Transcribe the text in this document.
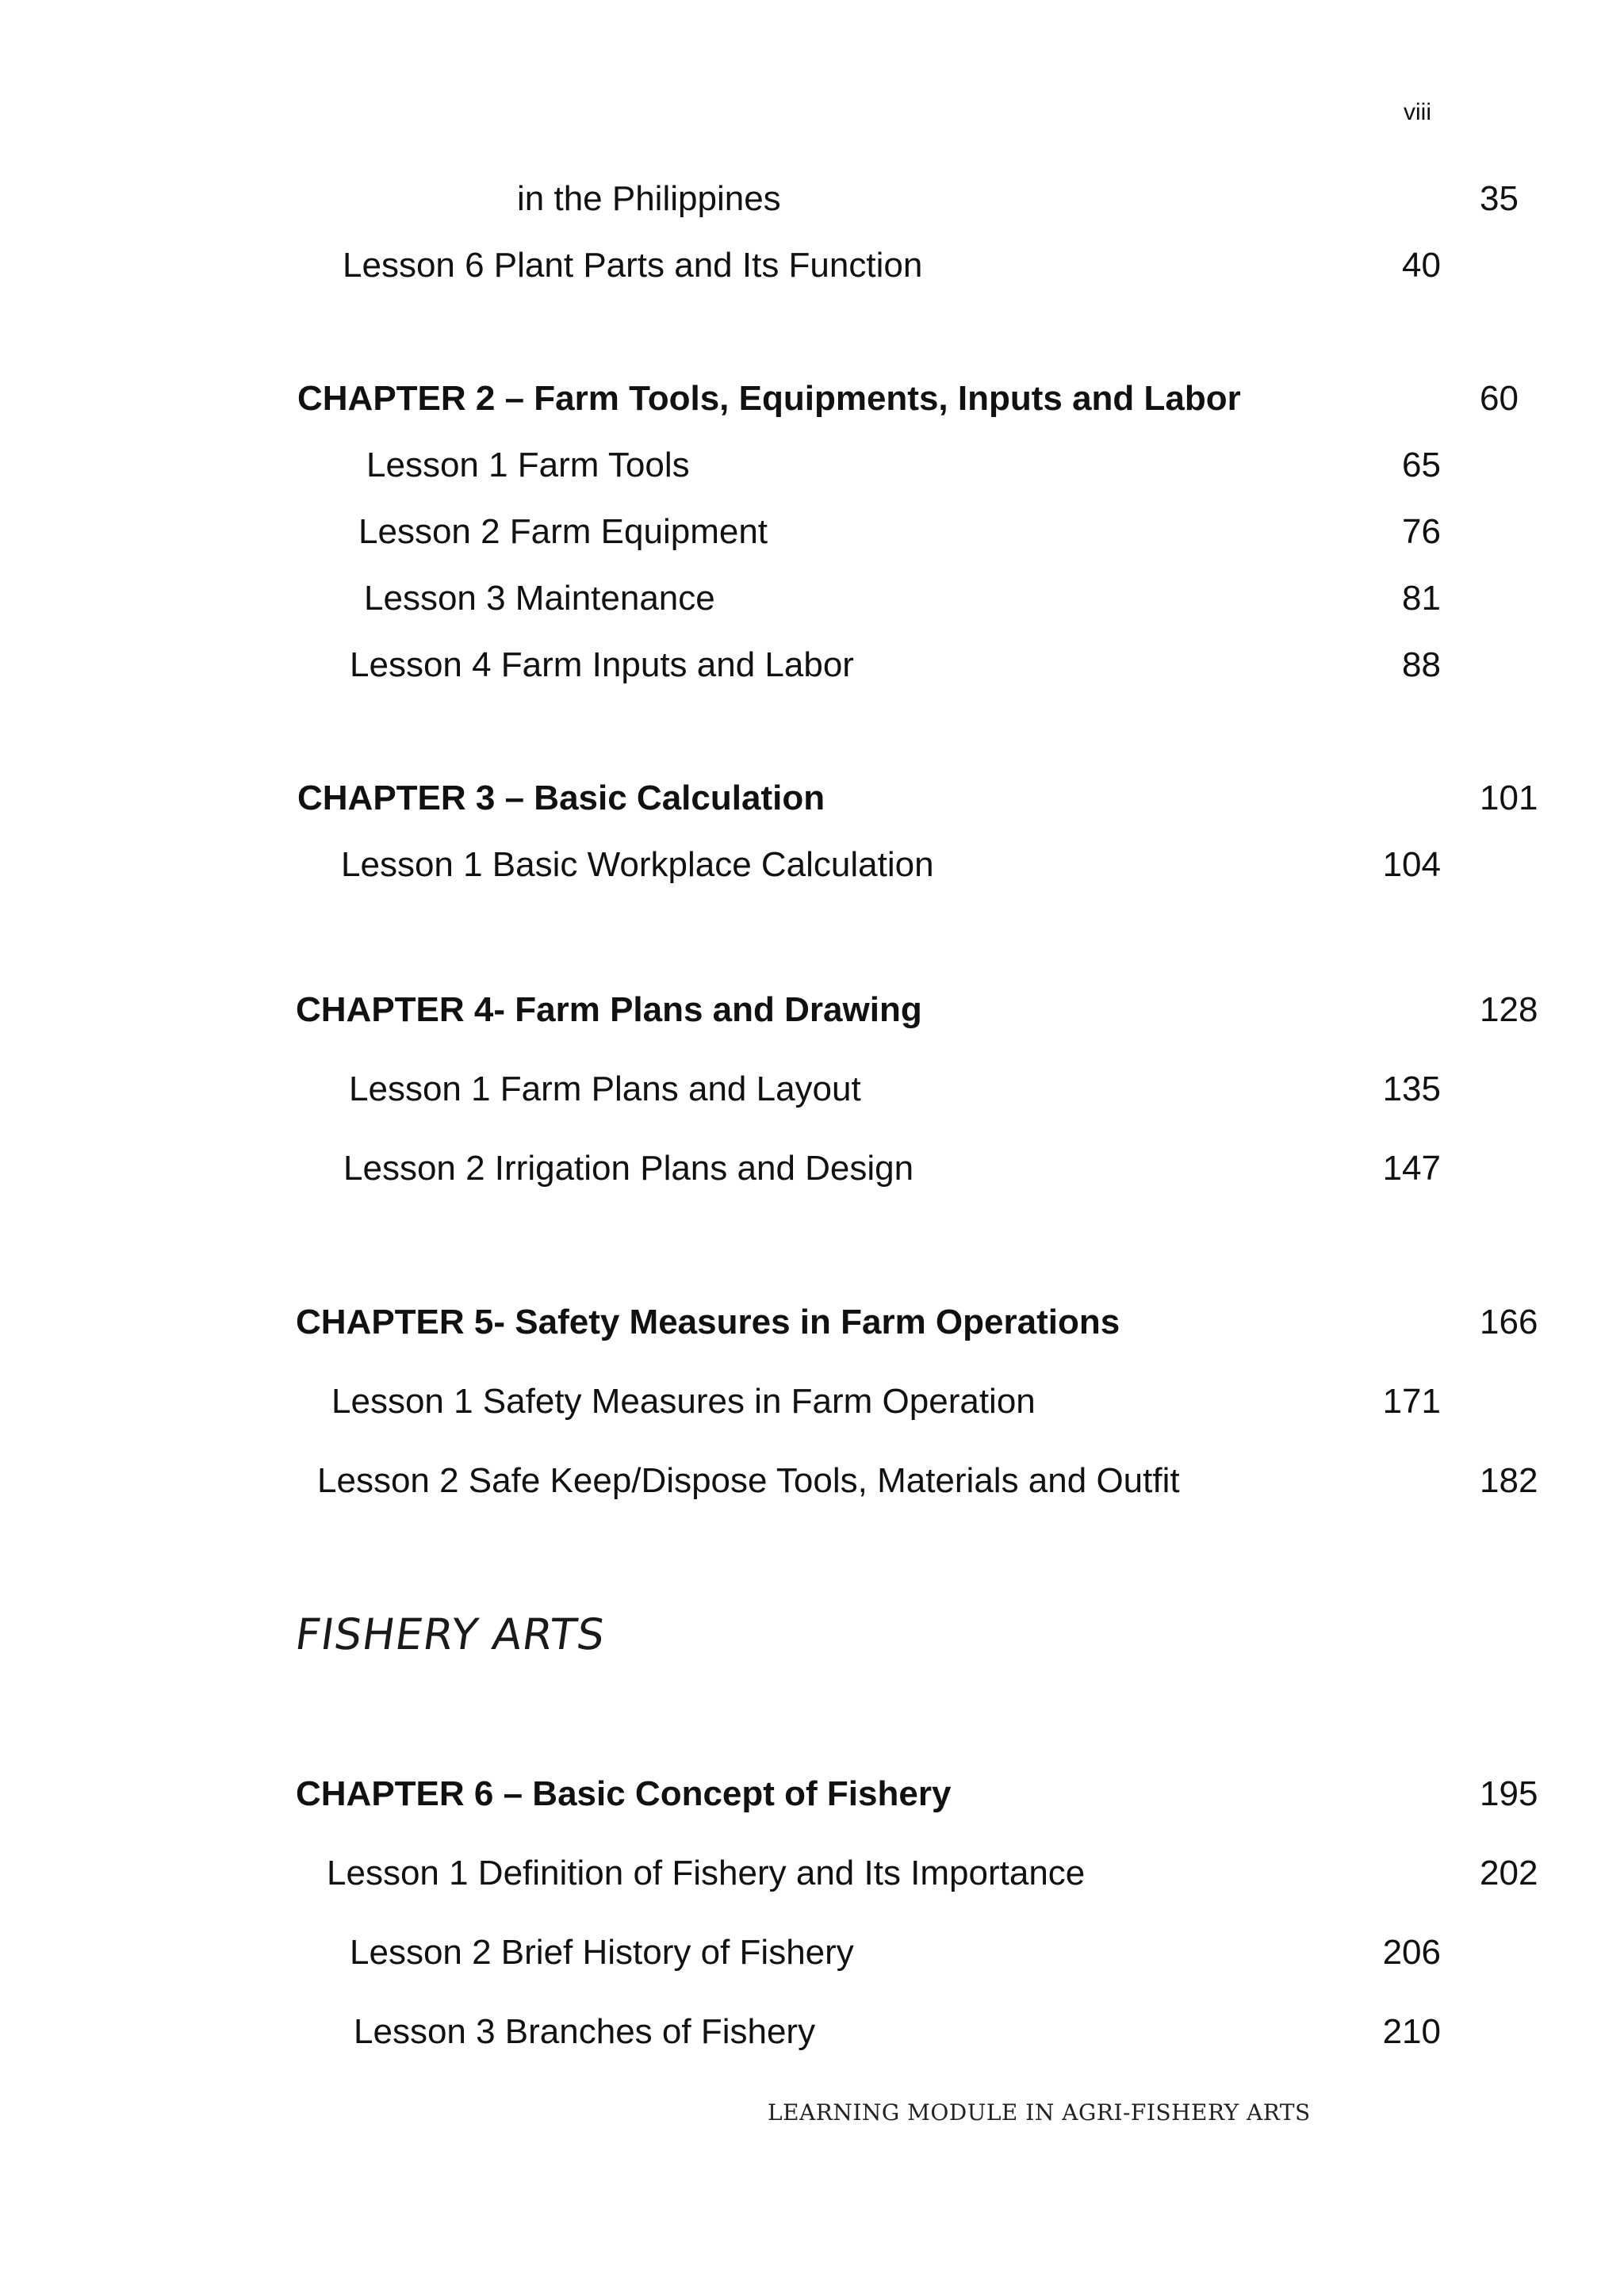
viii
in the Philippines	35
Lesson 6 Plant Parts and Its Function	40
CHAPTER 2 – Farm Tools, Equipments, Inputs and Labor	60
Lesson 1 Farm Tools	65
Lesson 2 Farm Equipment	76
Lesson 3 Maintenance	81
Lesson 4 Farm Inputs and Labor	88
CHAPTER 3 – Basic Calculation	101
Lesson 1 Basic Workplace Calculation	104
CHAPTER 4- Farm Plans and Drawing	128
Lesson 1 Farm Plans and Layout	135
Lesson 2 Irrigation Plans and Design	147
CHAPTER 5- Safety Measures in Farm Operations	166
Lesson 1 Safety Measures in Farm Operation	171
Lesson 2 Safe Keep/Dispose Tools, Materials and Outfit	182
FISHERY ARTS
CHAPTER 6 – Basic Concept of Fishery	195
Lesson 1 Definition of Fishery and Its Importance	202
Lesson 2 Brief History of Fishery	206
Lesson 3 Branches of Fishery	210
LEARNING MODULE IN AGRI-FISHERY ARTS
